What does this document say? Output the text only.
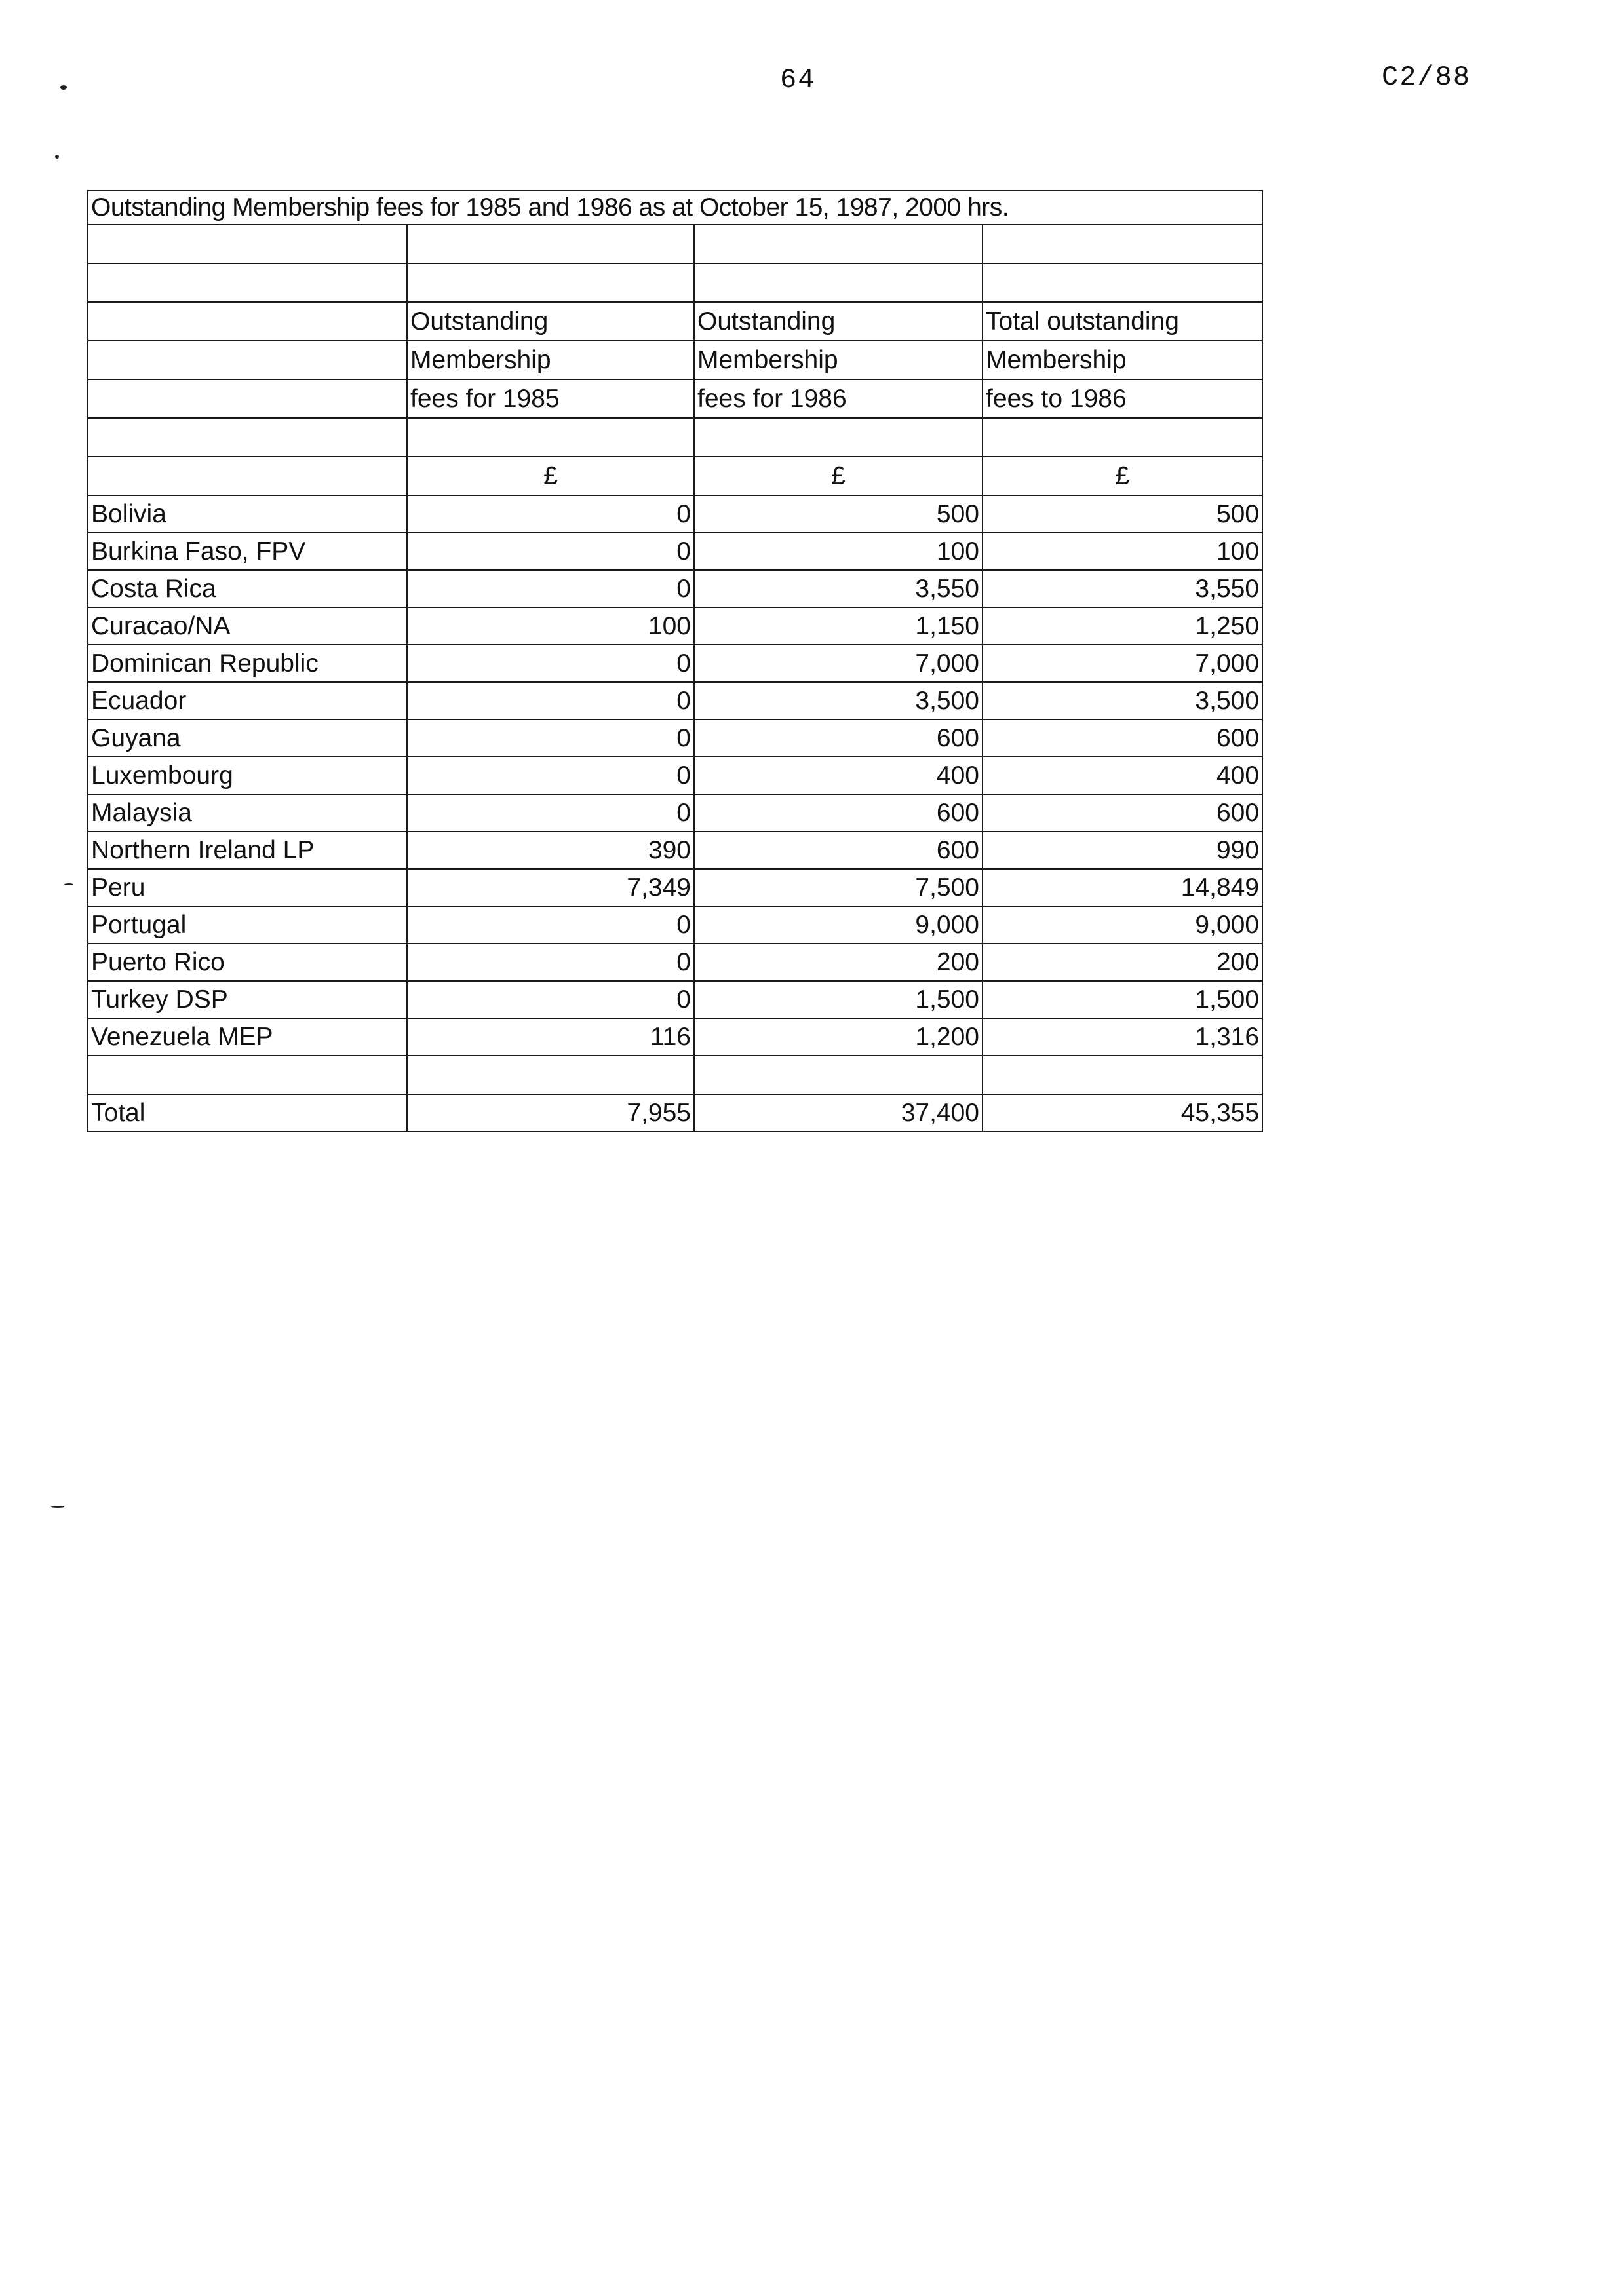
64	C2/88
Outstanding Membership fees for 1985 and 1986 as at October 15, 1987, 2000 hrs.			

	Outstanding	Outstanding	Total outstanding
	Membership	Membership	Membership
	fees for 1985	fees for 1986	fees to 1986

	£	£	£
Bolivia	0	500	500
Burkina Faso, FPV	0	100	100
Costa Rica	0	3,550	3,550
Curacao/NA	100	1,150	1,250
Dominican Republic	0	7,000	7,000
Ecuador	0	3,500	3,500
Guyana	0	600	600
Luxembourg	0	400	400
Malaysia	0	600	600
Northern Ireland LP	390	600	990
Peru	7,349	7,500	14,849
Portugal	0	9,000	9,000
Puerto Rico	0	200	200
Turkey DSP	0	1,500	1,500
Venezuela MEP	116	1,200	1,316

Total	7,955	37,400	45,355
